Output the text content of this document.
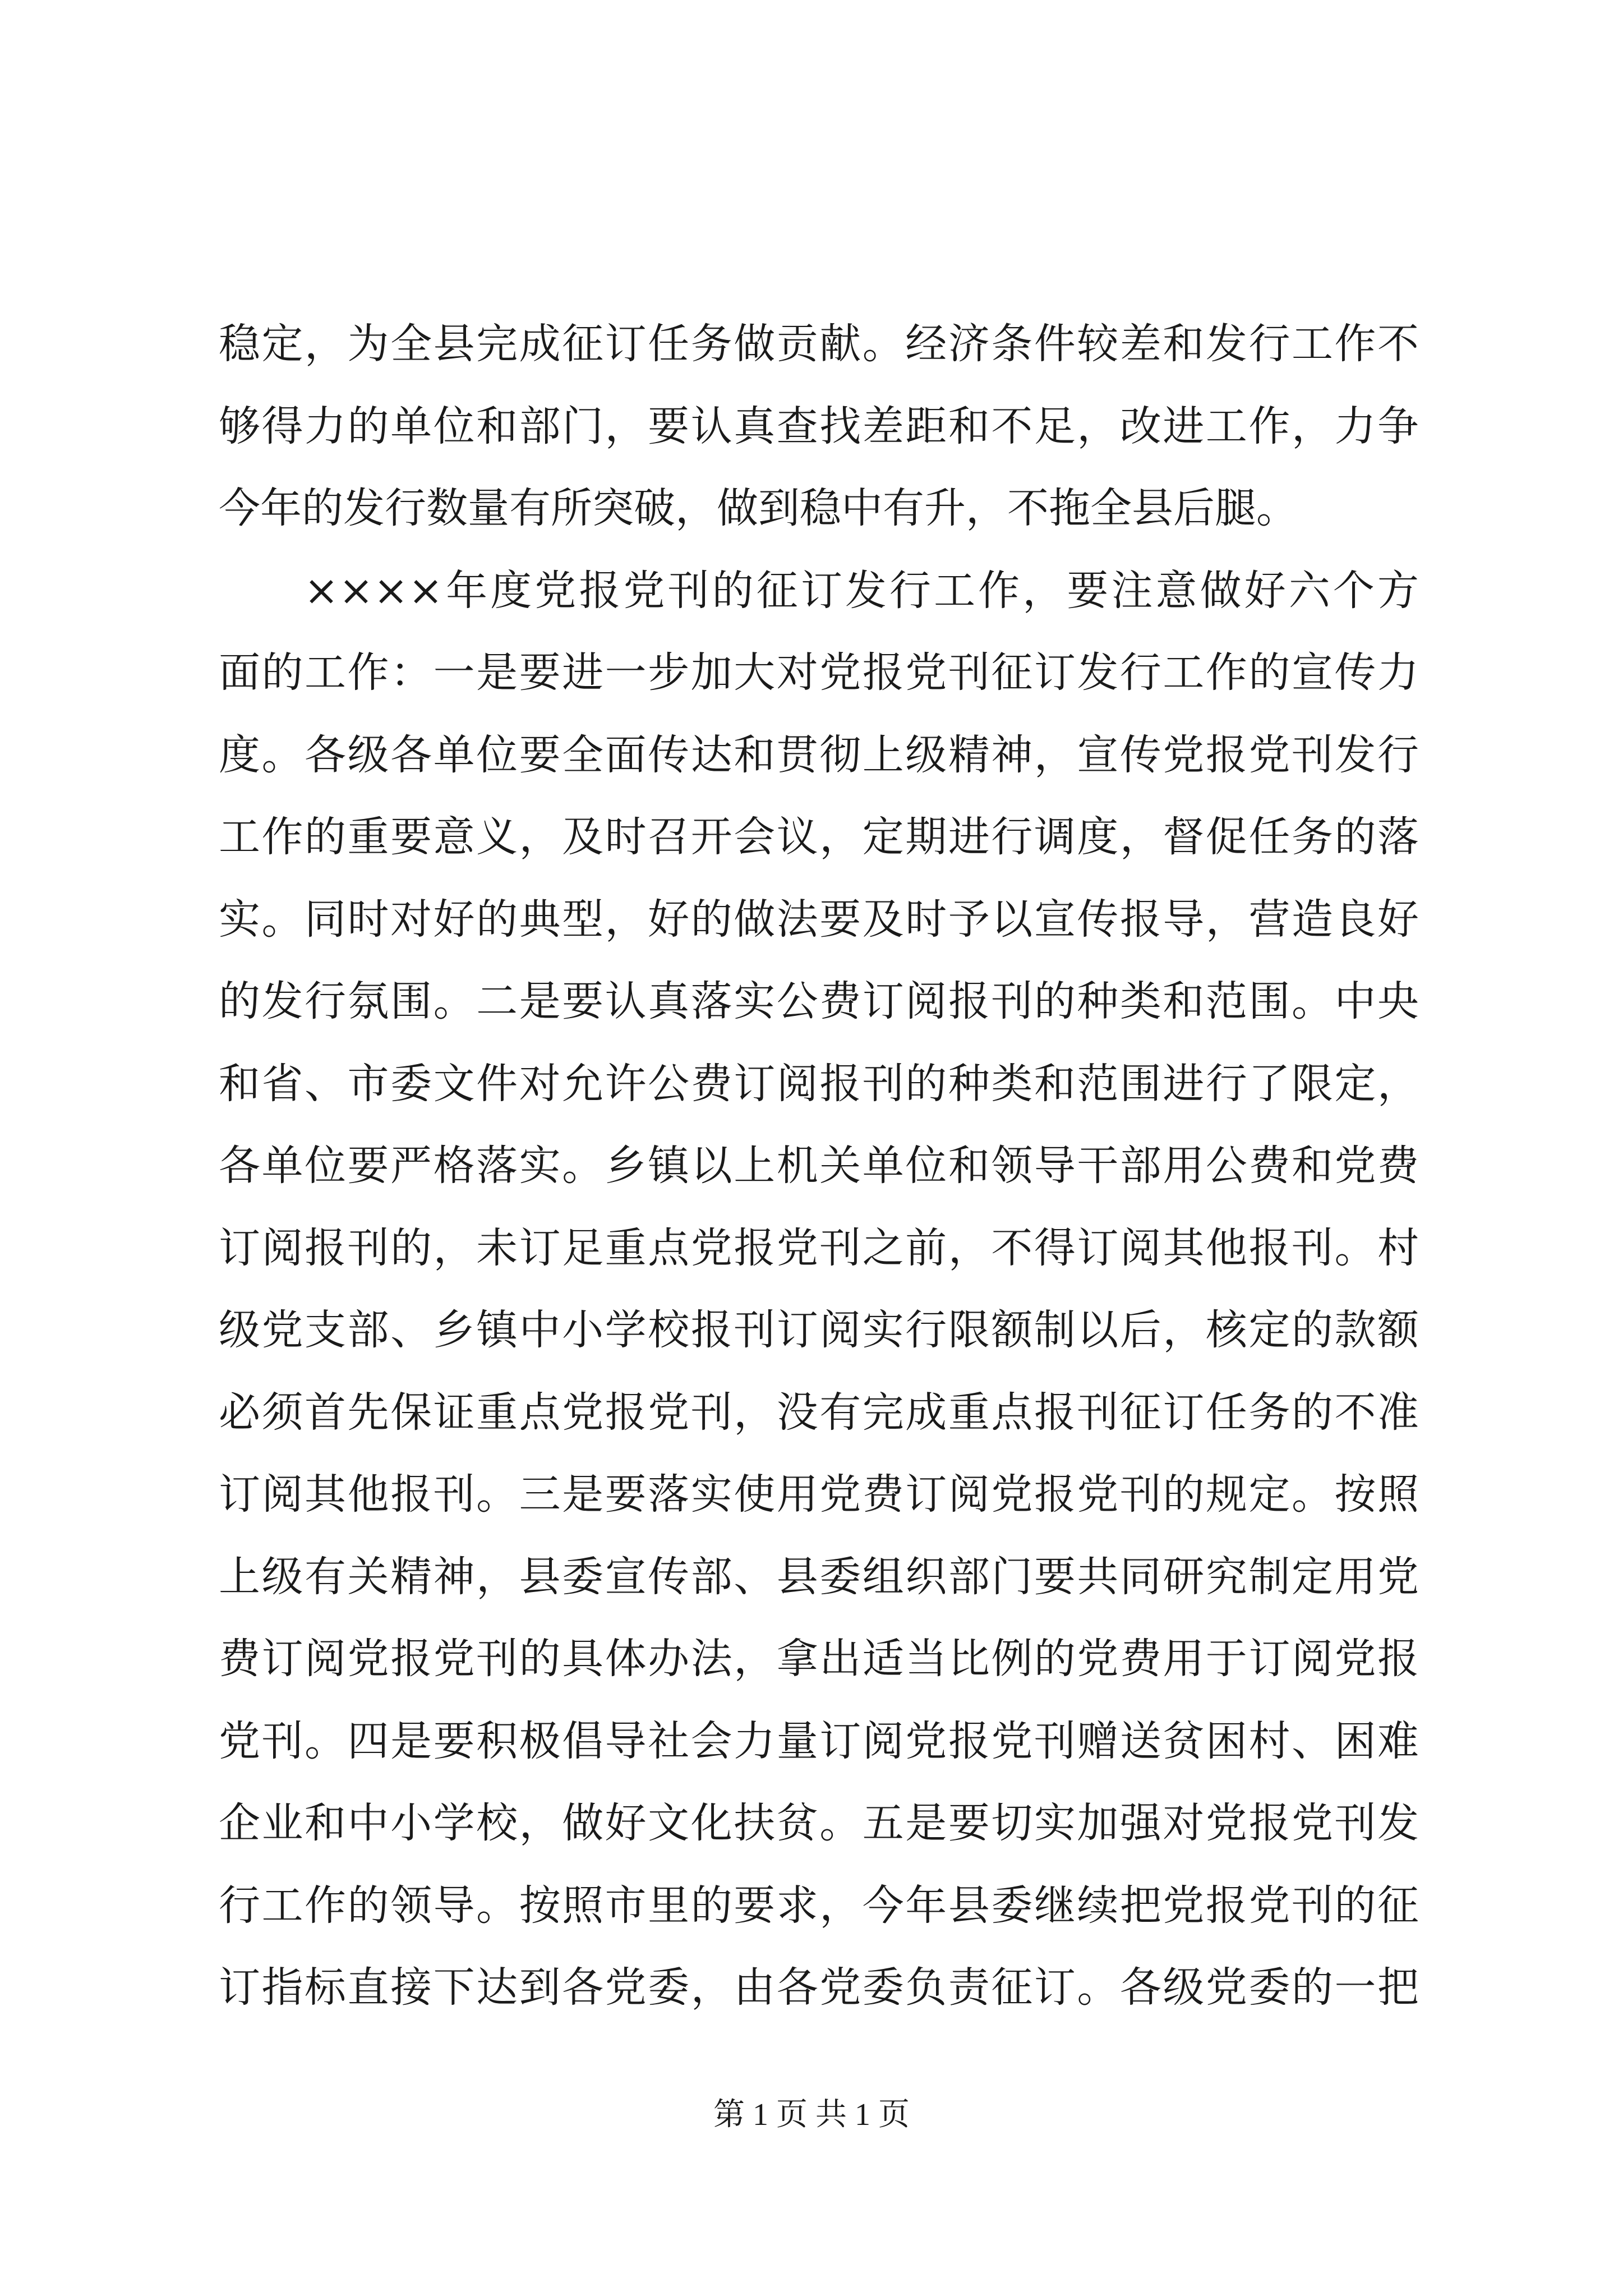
稳定，为全县完成征订任务做贡献。经济条件较差和发行工作不
够得力的单位和部门，要认真查找差距和不足，改进工作，力争
今年的发行数量有所突破，做到稳中有升，不拖全县后腿。
××××年度党报党刊的征订发行工作，要注意做好六个方
面的工作：一是要进一步加大对党报党刊征订发行工作的宣传力
度。各级各单位要全面传达和贯彻上级精神，宣传党报党刊发行
工作的重要意义，及时召开会议，定期进行调度，督促任务的落
实。同时对好的典型，好的做法要及时予以宣传报导，营造良好
的发行氛围。二是要认真落实公费订阅报刊的种类和范围。中央
和省、市委文件对允许公费订阅报刊的种类和范围进行了限定，
各单位要严格落实。乡镇以上机关单位和领导干部用公费和党费
订阅报刊的，未订足重点党报党刊之前，不得订阅其他报刊。村
级党支部、乡镇中小学校报刊订阅实行限额制以后，核定的款额
必须首先保证重点党报党刊，没有完成重点报刊征订任务的不准
订阅其他报刊。三是要落实使用党费订阅党报党刊的规定。按照
上级有关精神，县委宣传部、县委组织部门要共同研究制定用党
费订阅党报党刊的具体办法，拿出适当比例的党费用于订阅党报
党刊。四是要积极倡导社会力量订阅党报党刊赠送贫困村、困难
企业和中小学校，做好文化扶贫。五是要切实加强对党报党刊发
行工作的领导。按照市里的要求，今年县委继续把党报党刊的征
订指标直接下达到各党委，由各党委负责征订。各级党委的一把
第 1 页 共 1 页
